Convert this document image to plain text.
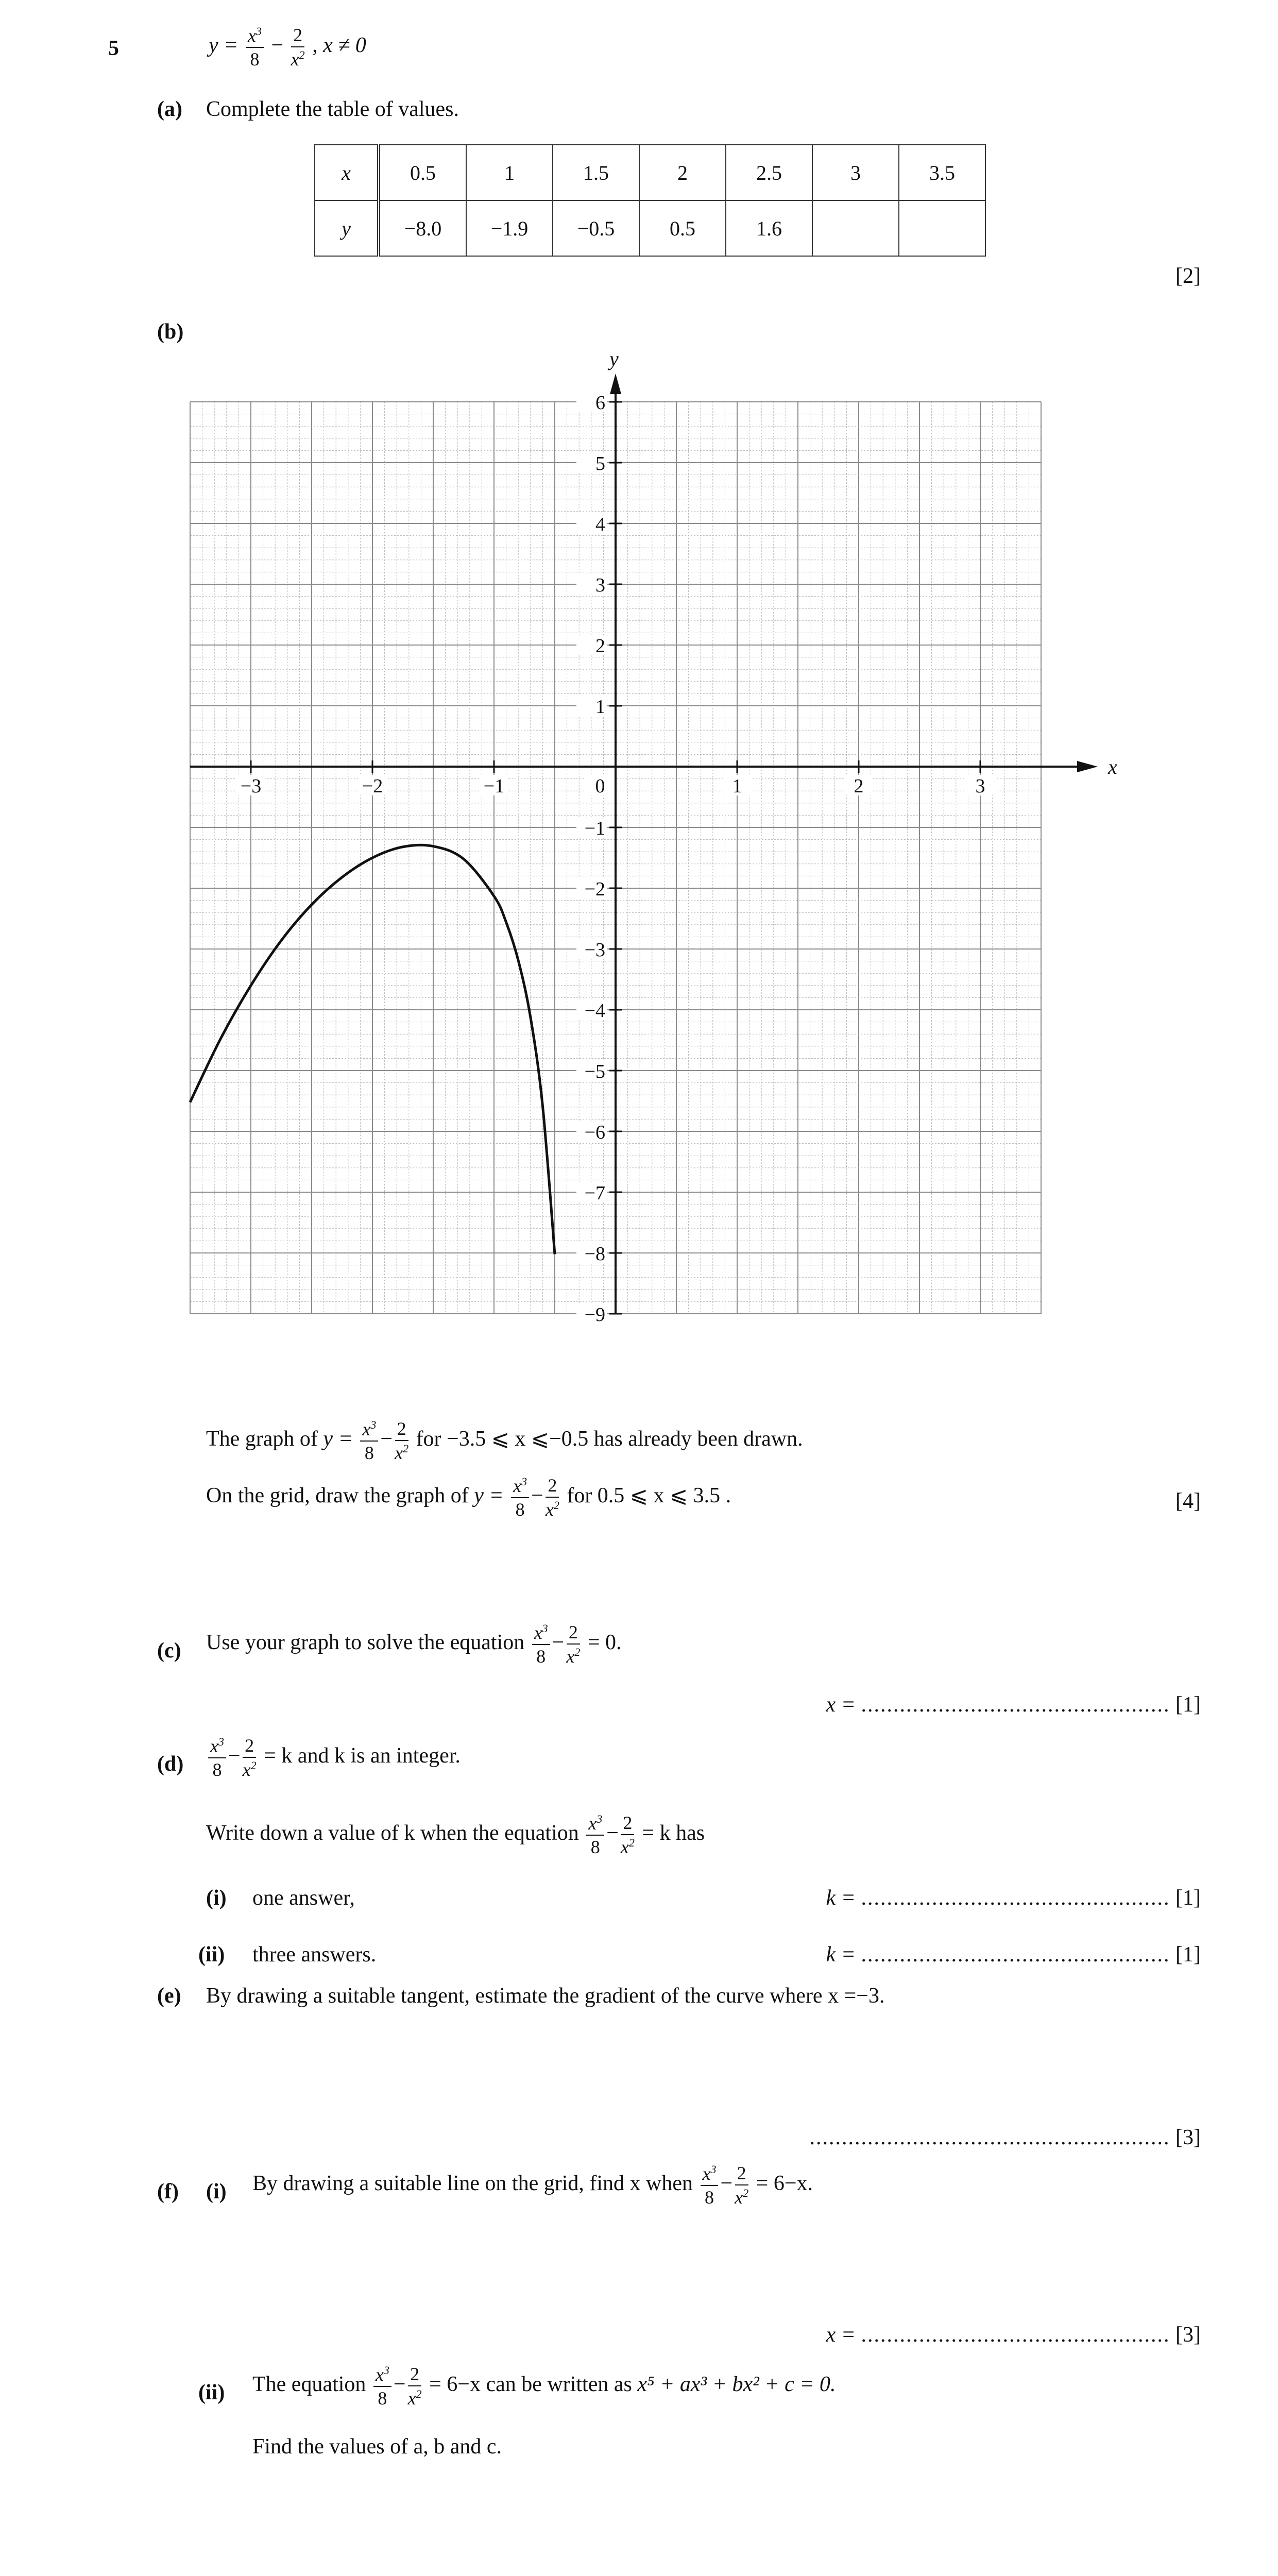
5	$y = \frac{x^3}{8} - \frac{2}{x^2}$ , x ≠ 0
(a) Complete the table of values.
x	0.5	1	1.5	2	2.5	3	3.5
y	−8.0	−1.9	−0.5	0.5	1.6		
[2]
(b)
x
y
−3	−2	−1	0	1	2	3
6
5
4
3
2
1
−1
−2
−3
−4
−5
−6
−7
−8
−9
The graph of $y = \frac{x^3}{8} - \frac{2}{x^2}$ for −3.5 ⩽ x ⩽−0.5 has already been drawn.
On the grid, draw the graph of $y = \frac{x^3}{8} - \frac{2}{x^2}$ for 0.5 ⩽ x ⩽ 3.5 .	[4]
(c) Use your graph to solve the equation $\frac{x^3}{8} - \frac{2}{x^2} = 0$.
x = ................................................ [1]
$(d) \frac{x^3}{8} - \frac{2}{x^2} = k$ and k is an integer.
Write down a value of k when the equation $\frac{x^3}{8} - \frac{2}{x^2} = k$ has
(i) one answer,	k = ................................................ [1]
(ii) three answers.	k = ................................................ [1]
(e) By drawing a suitable tangent, estimate the gradient of the curve where x =−3.
........................................................ [3]
(f) (i) By drawing a suitable line on the grid, find x when $\frac{x^3}{8} - \frac{2}{x^2} = 6-x$.
x = ................................................ [3]
(ii) The equation $\frac{x^3}{8} - \frac{2}{x^2} = 6-x$ can be written as x⁵ + ax³ + bx² + c = 0.
Find the values of a, b and c.
